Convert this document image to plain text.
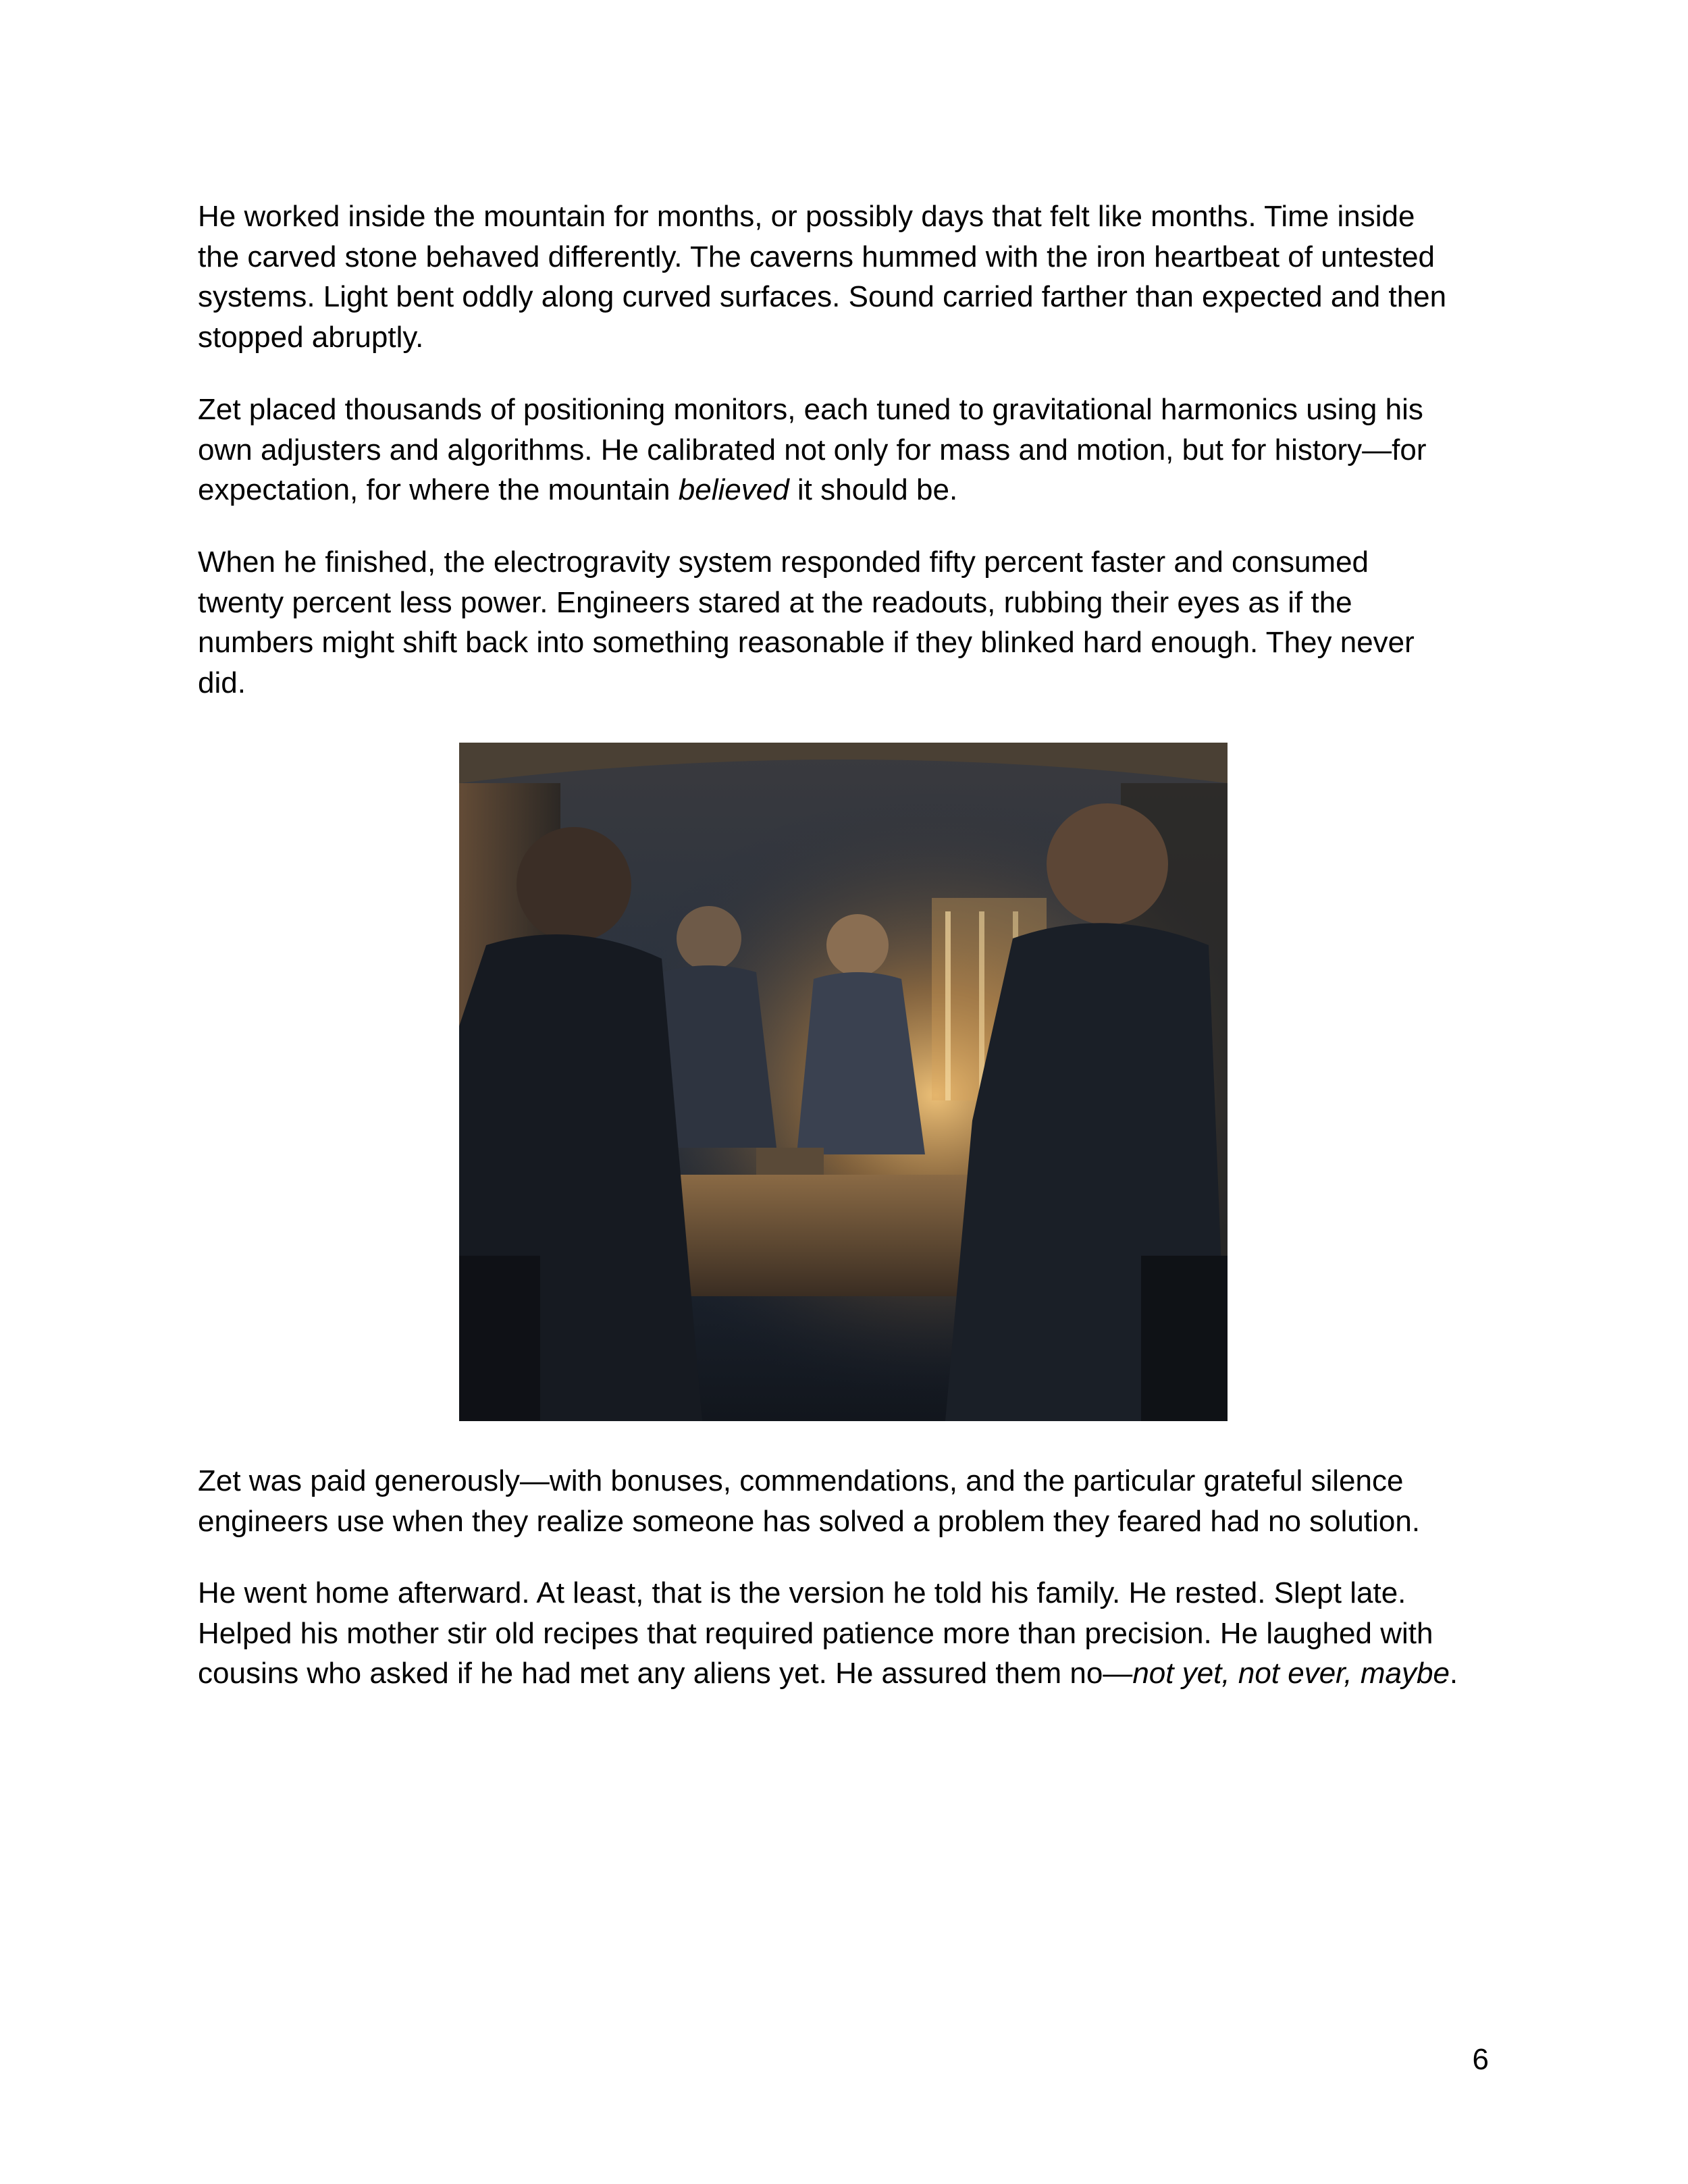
He worked inside the mountain for months, or possibly days that felt like months. Time inside
the carved stone behaved differently. The caverns hummed with the iron heartbeat of untested
systems. Light bent oddly along curved surfaces. Sound carried farther than expected and then
stopped abruptly.

Zet placed thousands of positioning monitors, each tuned to gravitational harmonics using his
own adjusters and algorithms. He calibrated not only for mass and motion, but for history—for
expectation, for where the mountain believed it should be.

When he finished, the electrogravity system responded fifty percent faster and consumed
twenty percent less power. Engineers stared at the readouts, rubbing their eyes as if the
numbers might shift back into something reasonable if they blinked hard enough. They never
did.

Zet was paid generously—with bonuses, commendations, and the particular grateful silence
engineers use when they realize someone has solved a problem they feared had no solution.

He went home afterward. At least, that is the version he told his family. He rested. Slept late.
Helped his mother stir old recipes that required patience more than precision. He laughed with
cousins who asked if he had met any aliens yet. He assured them no—not yet, not ever, maybe.

6
